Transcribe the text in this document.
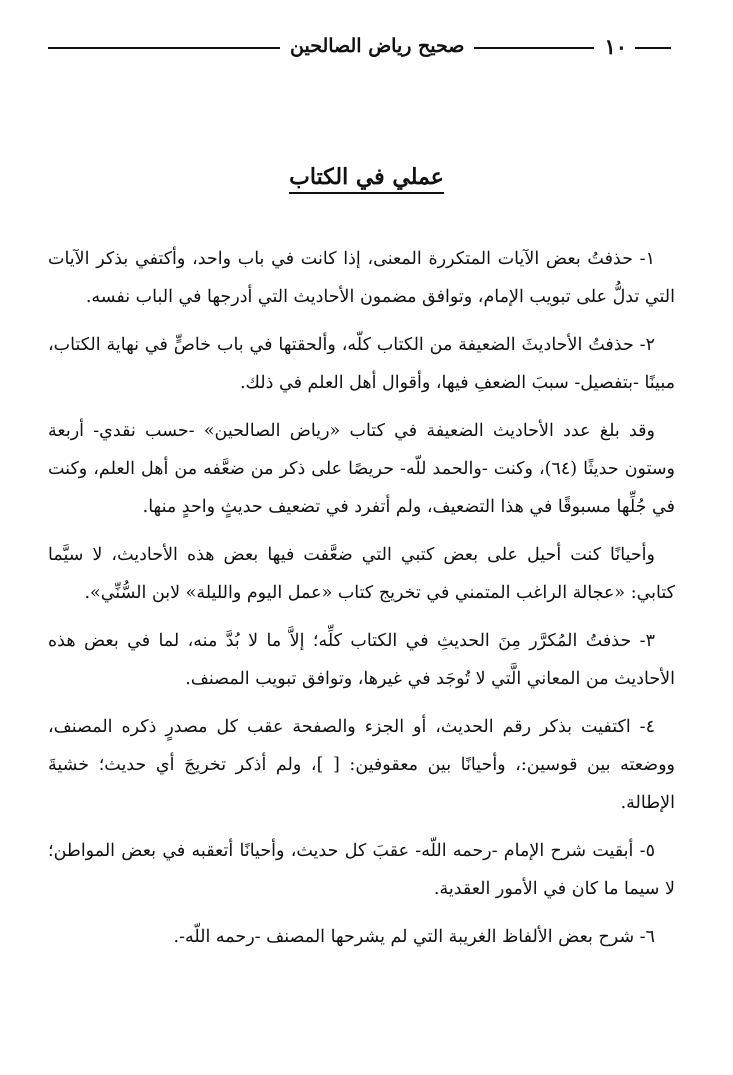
١٠
صحيح رياض الصالحين
عملي في الكتاب

١- حذفتُ بعض الآيات المتكررة المعنى، إذا كانت في باب واحد، وأكتفي بذكر الآيات التي تدلُّ على تبويب الإمام، وتوافق مضمون الأحاديث التي أدرجها في الباب نفسه.

٢- حذفتُ الأحاديثَ الضعيفة من الكتاب كلّه، وألحقتها في باب خاصٍّ في نهاية الكتاب، مبينًا -بتفصيل- سببَ الضعفِ فيها، وأقوال أهل العلم في ذلك.

وقد بلغ عدد الأحاديث الضعيفة في كتاب «رياض الصالحين» -حسب نقدي- أربعة وستون حديثًا (٦٤)، وكنت -والحمد للّه- حريصًا على ذكر من ضعَّفه من أهل العلم، وكنت في جُلِّها مسبوقًا في هذا التضعيف، ولم أتفرد في تضعيف حديثٍ واحدٍ منها.

وأحيانًا كنت أحيل على بعض كتبي التي ضعَّفت فيها بعض هذه الأحاديث، لا سيَّما كتابي: «عجالة الراغب المتمني في تخريج كتاب «عمل اليوم والليلة» لابن السُّنِّي».

٣- حذفتُ المُكرَّر مِنَ الحديثِ في الكتاب كلِّه؛ إلاَّ ما لا بُدَّ منه، لما في بعض هذه الأحاديث من المعاني الَّتي لا تُوجَد في غيرها، وتوافق تبويب المصنف.

٤- اكتفيت بذكر رقم الحديث، أو الجزء والصفحة عقب كل مصدرٍ ذكره المصنف، ووضعته بين قوسين:، وأحيانًا بين معقوفين: [ ]، ولم أذكر تخريجَ أي حديث؛ خشيةَ الإطالة.

٥- أبقيت شرح الإمام -رحمه اللّه- عقبَ كل حديث، وأحيانًا أتعقبه في بعض المواطن؛ لا سيما ما كان في الأمور العقدية.

٦- شرح بعض الألفاظ الغريبة التي لم يشرحها المصنف -رحمه اللّه-.
